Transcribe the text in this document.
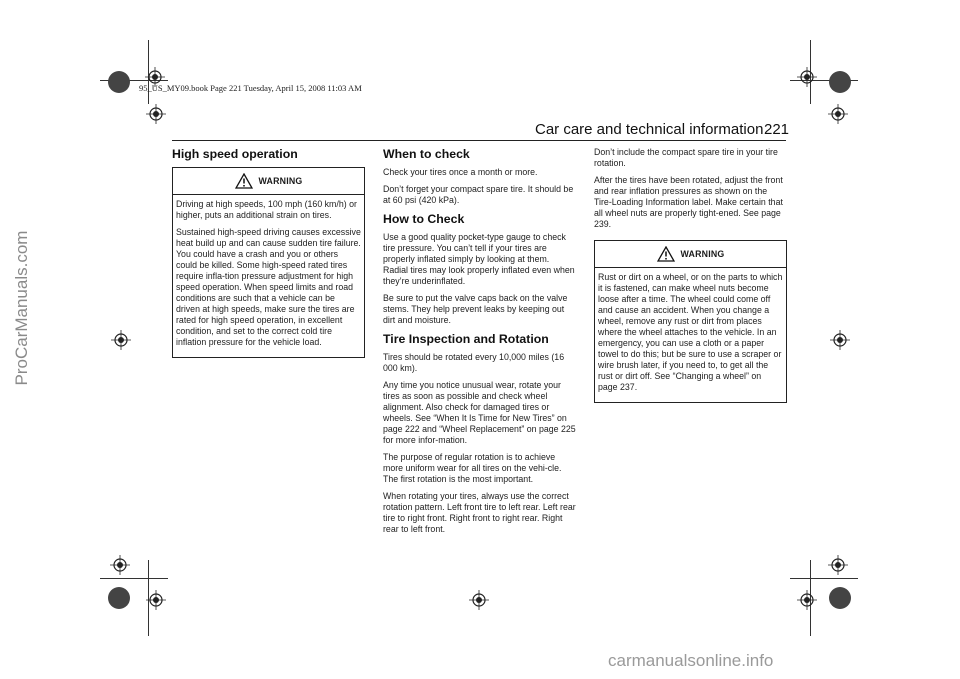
ProCarManuals.com
95_US_MY09.book Page 221 Tuesday, April 15, 2008 11:03 AM
Car care and technical information 221
High speed operation
WARNING

Driving at high speeds, 100 mph (160 km/h) or higher, puts an additional strain on tires.

Sustained high-speed driving causes excessive heat build up and can cause sudden tire failure. You could have a crash and you or others could be killed. Some high-speed rated tires require infla-tion pressure adjustment for high speed operation. When speed limits and road conditions are such that a vehicle can be driven at high speeds, make sure the tires are rated for high speed operation, in excellent condition, and set to the correct cold tire inflation pressure for the vehicle load.

When to check

Check your tires once a month or more.

Don’t forget your compact spare tire. It should be at 60 psi (420 kPa).

How to Check

Use a good quality pocket-type gauge to check tire pressure. You can’t tell if your tires are properly inflated simply by looking at them. Radial tires may look properly inflated even when they’re underinflated.

Be sure to put the valve caps back on the valve stems. They help prevent leaks by keeping out dirt and moisture.

Tire Inspection and Rotation

Tires should be rotated every 10,000 miles (16 000 km).

Any time you notice unusual wear, rotate your tires as soon as possible and check wheel alignment. Also check for damaged tires or wheels. See “When It Is Time for New Tires” on page 222 and “Wheel Replacement” on page 225 for more infor-mation.

The purpose of regular rotation is to achieve more uniform wear for all tires on the vehi-cle. The first rotation is the most important.

When rotating your tires, always use the correct rotation pattern. Left front tire to left rear. Left rear tire to right front. Right front to right rear. Right rear to left front.

Don’t include the compact spare tire in your tire rotation.

After the tires have been rotated, adjust the front and rear inflation pressures as shown on the Tire-Loading Information label. Make certain that all wheel nuts are properly tight-ened. See page 239.

WARNING

Rust or dirt on a wheel, or on the parts to which it is fastened, can make wheel nuts become loose after a time. The wheel could come off and cause an accident. When you change a wheel, remove any rust or dirt from places where the wheel attaches to the vehicle. In an emergency, you can use a cloth or a paper towel to do this; but be sure to use a scraper or wire brush later, if you need to, to get all the rust or dirt off. See “Changing a wheel” on page 237.

carmanualsonline.info
